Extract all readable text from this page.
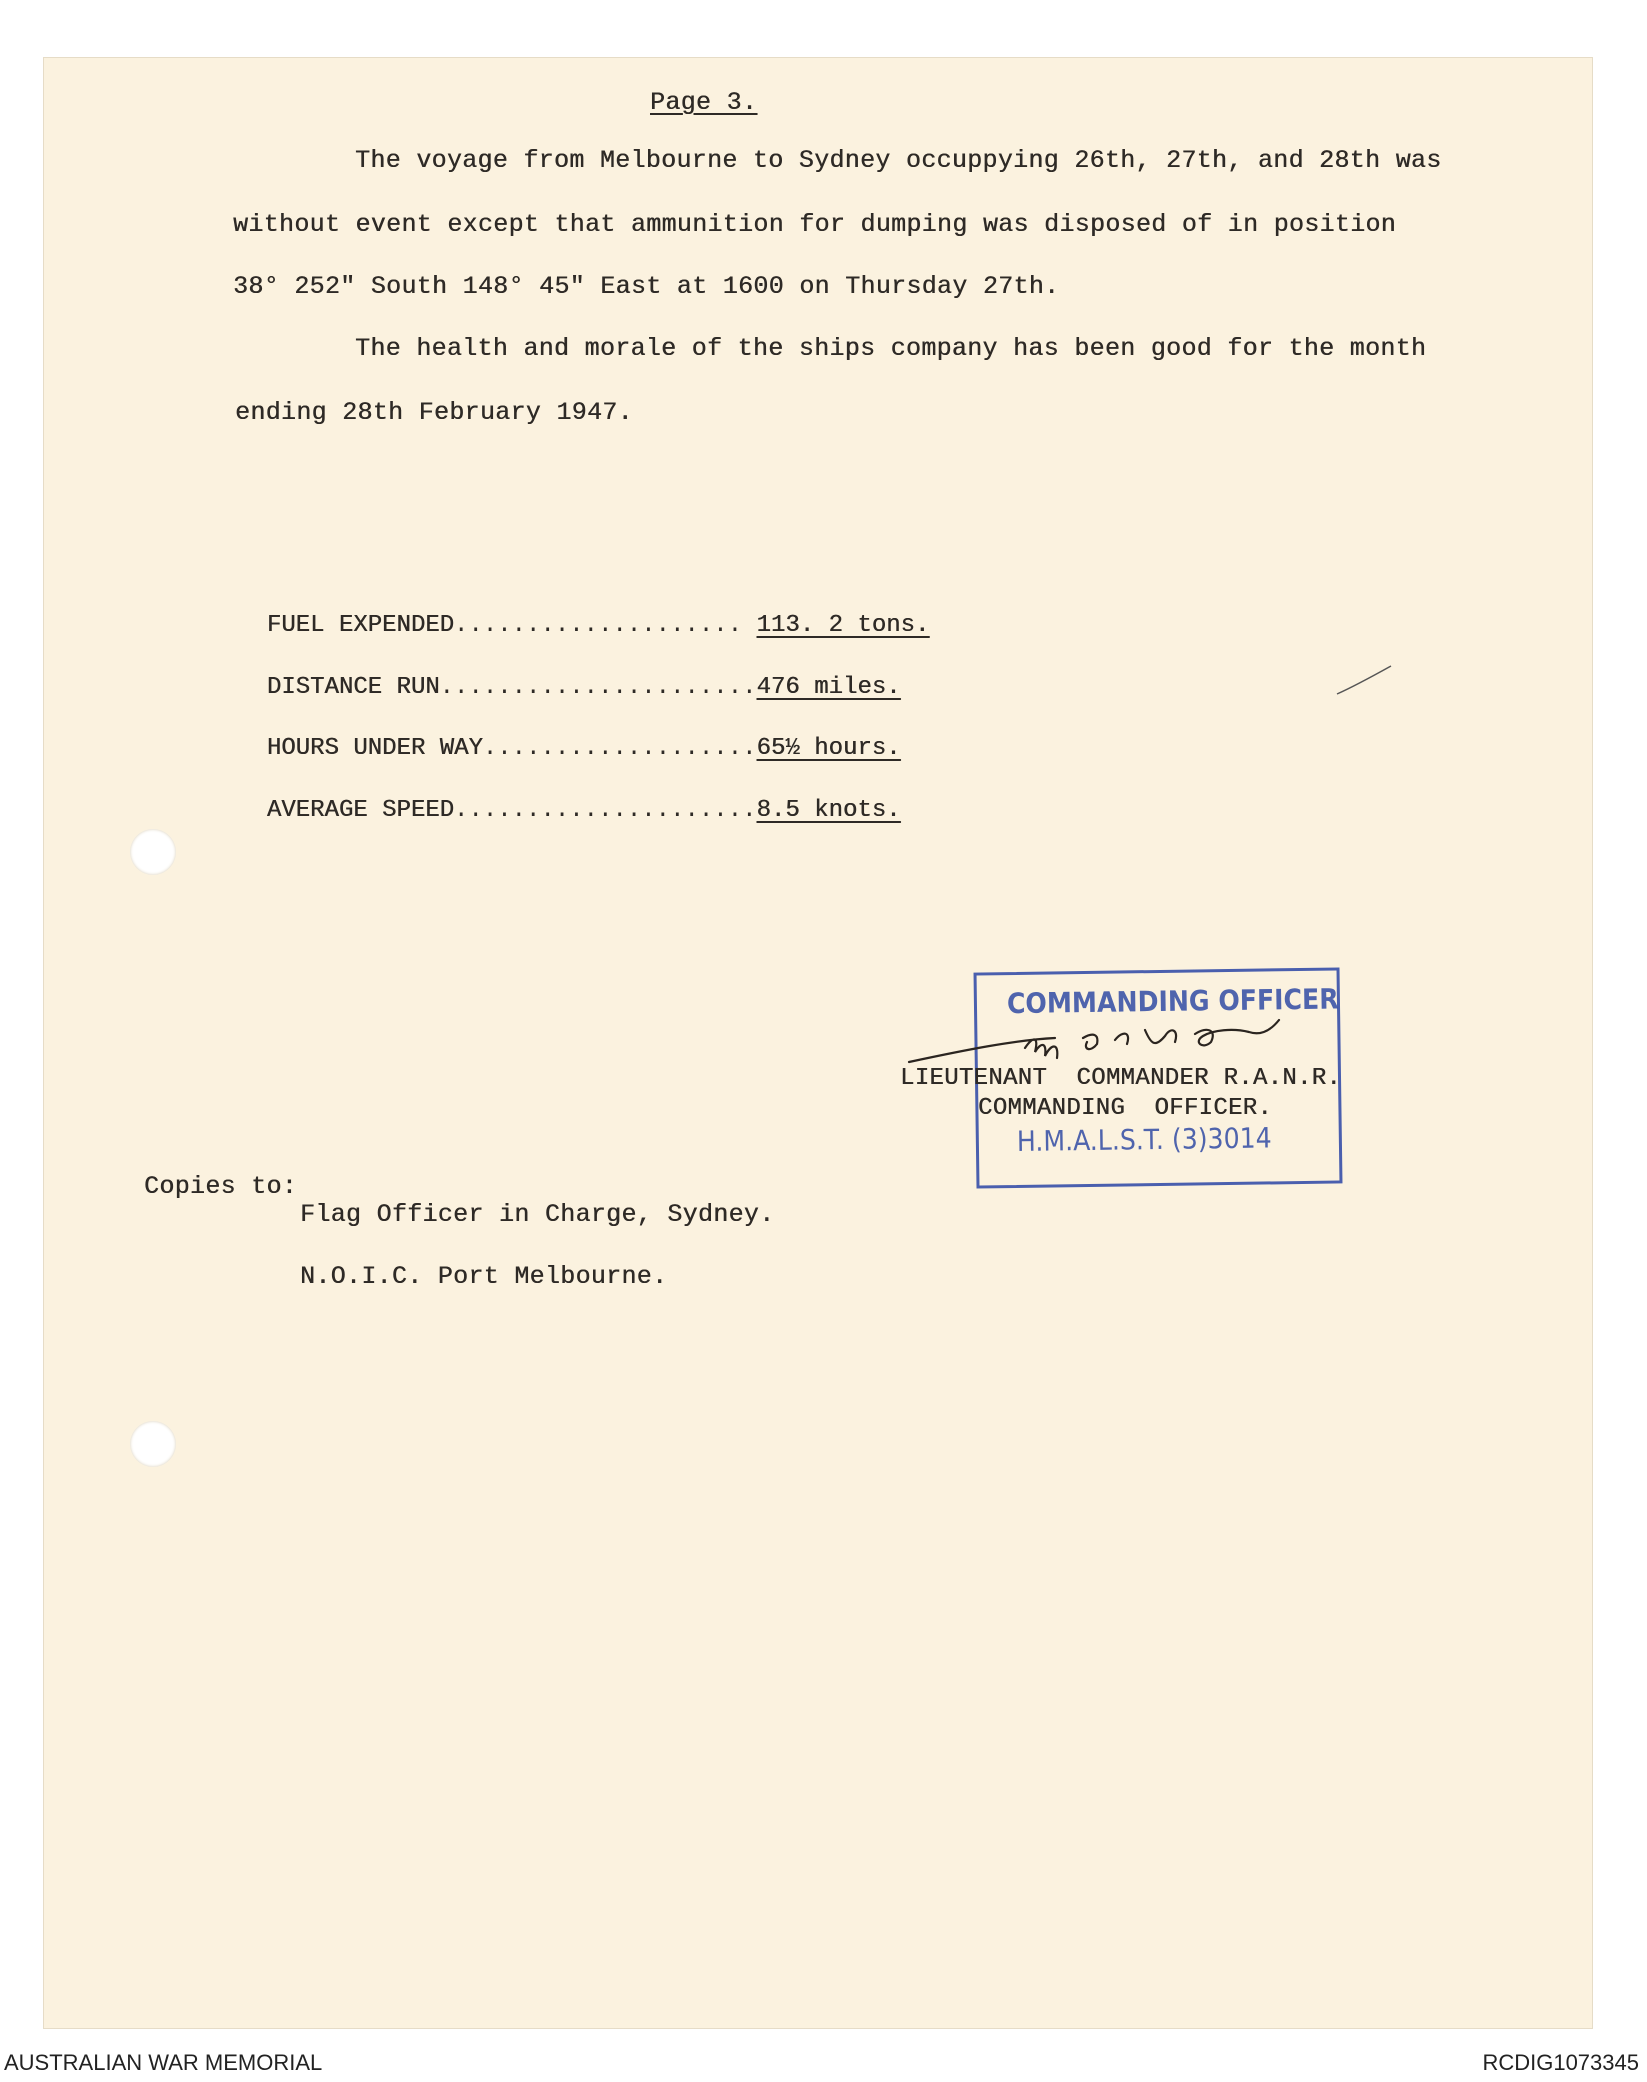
Page 3.
The voyage from Melbourne to Sydney occuppying 26th, 27th, and 28th was
without event except that ammunition for dumping was disposed of in position
38° 252" South 148° 45" East at 1600 on Thursday 27th.
The health and morale of the ships company has been good for the month
ending 28th February 1947.

FUEL EXPENDED.................... 113. 2 tons.

DISTANCE RUN......................476 miles.

HOURS UNDER WAY...................65½ hours.

AVERAGE SPEED.....................8.5 knots.

COMMANDING OFFICER
H.M.A.L.S.T. (3)3014
LIEUTENANT  COMMANDER R.A.N.R.
COMMANDING  OFFICER.
Copies to:
Flag Officer in Charge, Sydney.
N.O.I.C. Port Melbourne.
AUSTRALIAN WAR MEMORIAL	RCDIG1073345
